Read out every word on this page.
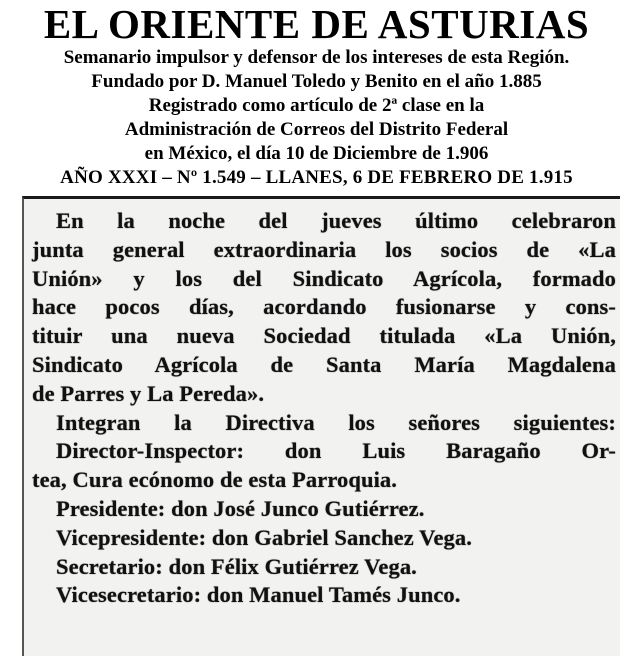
EL ORIENTE DE ASTURIAS
Semanario impulsor y defensor de los intereses de esta Región.
Fundado por D. Manuel Toledo y Benito en el año 1.885
Registrado como artículo de 2ª clase en la
Administración de Correos del Distrito Federal
en México, el día 10 de Diciembre de 1.906
AÑO XXXI – Nº 1.549 – LLANES, 6 DE FEBRERO DE 1.915
En la noche del jueves último celebraron
junta general extraordinaria los socios de «La
Unión» y los del Sindicato Agrícola, formado
hace pocos días, acordando fusionarse y cons-
tituir una nueva Sociedad titulada «La Unión,
Sindicato Agrícola de Santa María Magdalena
de Parres y La Pereda».
Integran la Directiva los señores siguientes:
Director-Inspector: don Luis Baragaño Or-
tea, Cura ecónomo de esta Parroquia.
Presidente: don José Junco Gutiérrez.
Vicepresidente: don Gabriel Sanchez Vega.
Secretario: don Félix Gutiérrez Vega.
Vicesecretario: don Manuel Tamés Junco.
